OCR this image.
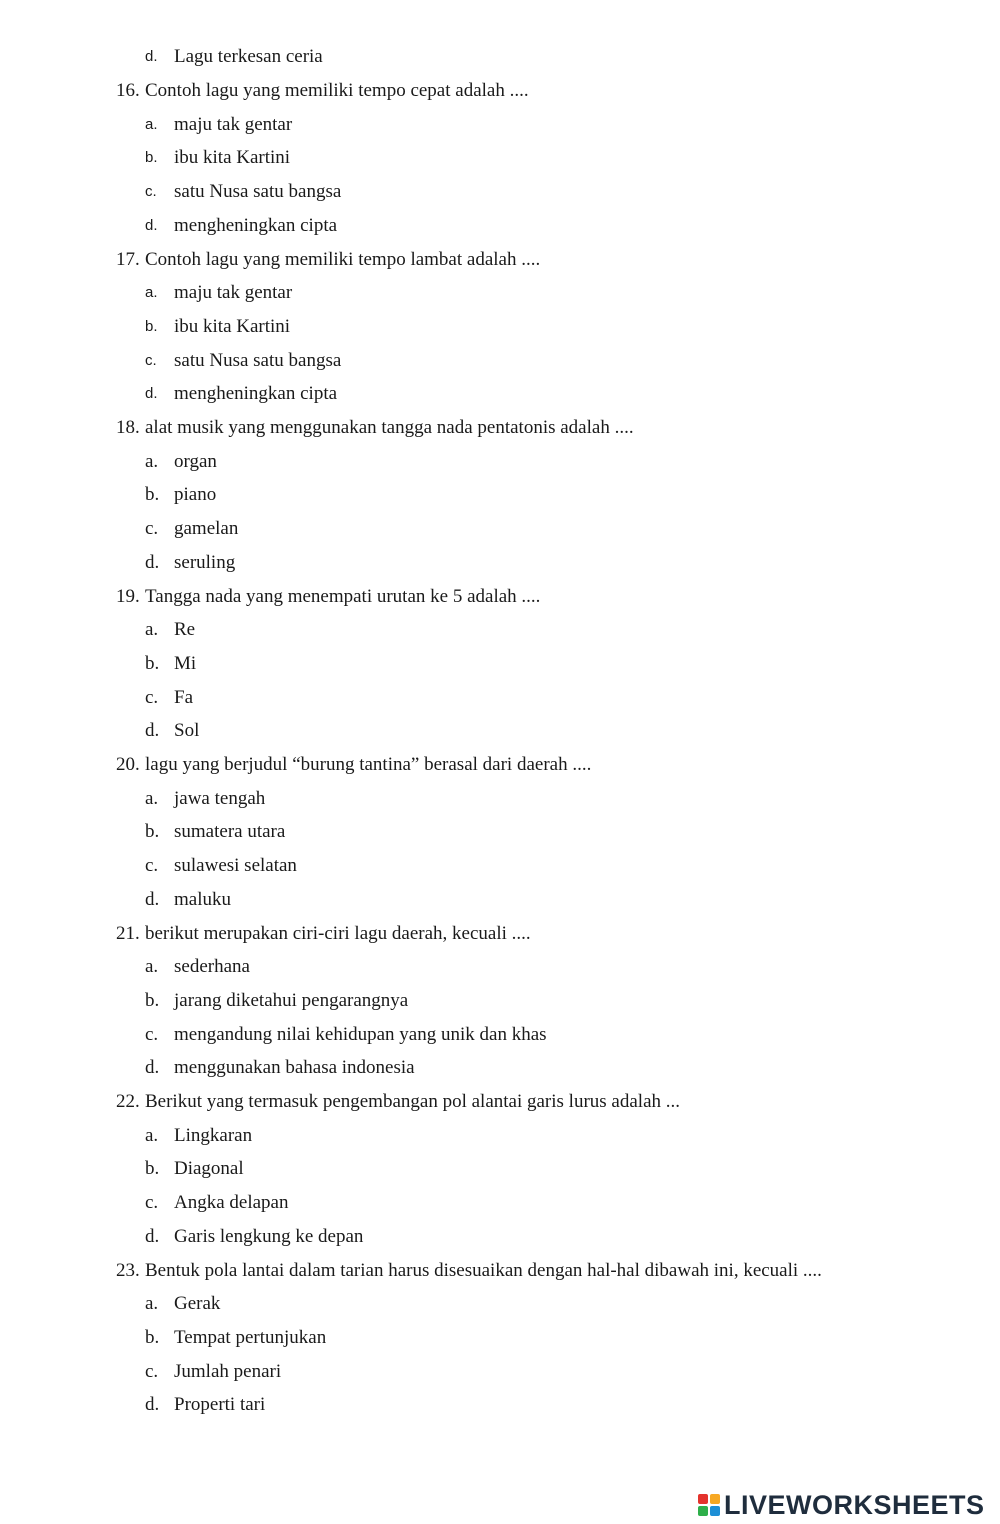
d. Lagu terkesan ceria
16. Contoh lagu yang memiliki tempo cepat adalah ....
a. maju tak gentar
b. ibu kita Kartini
c. satu Nusa satu bangsa
d. mengheningkan cipta
17. Contoh lagu yang memiliki tempo lambat adalah ....
a. maju tak gentar
b. ibu kita Kartini
c. satu Nusa satu bangsa
d. mengheningkan cipta
18. alat musik yang menggunakan tangga nada pentatonis adalah ....
a. organ
b. piano
c. gamelan
d. seruling
19. Tangga nada yang menempati urutan ke 5 adalah ....
a. Re
b. Mi
c. Fa
d. Sol
20. lagu yang berjudul “burung tantina” berasal dari daerah ....
a. jawa tengah
b. sumatera utara
c. sulawesi selatan
d. maluku
21. berikut merupakan ciri-ciri lagu daerah, kecuali ....
a. sederhana
b. jarang diketahui pengarangnya
c. mengandung nilai kehidupan yang unik dan khas
d. menggunakan bahasa indonesia
22. Berikut yang termasuk pengembangan pol alantai garis lurus adalah ...
a. Lingkaran
b. Diagonal
c. Angka delapan
d. Garis lengkung ke depan
23. Bentuk pola lantai dalam tarian harus disesuaikan dengan hal-hal dibawah ini, kecuali ....
a. Gerak
b. Tempat pertunjukan
c. Jumlah penari
d. Properti tari
LIVEWORKSHEETS
